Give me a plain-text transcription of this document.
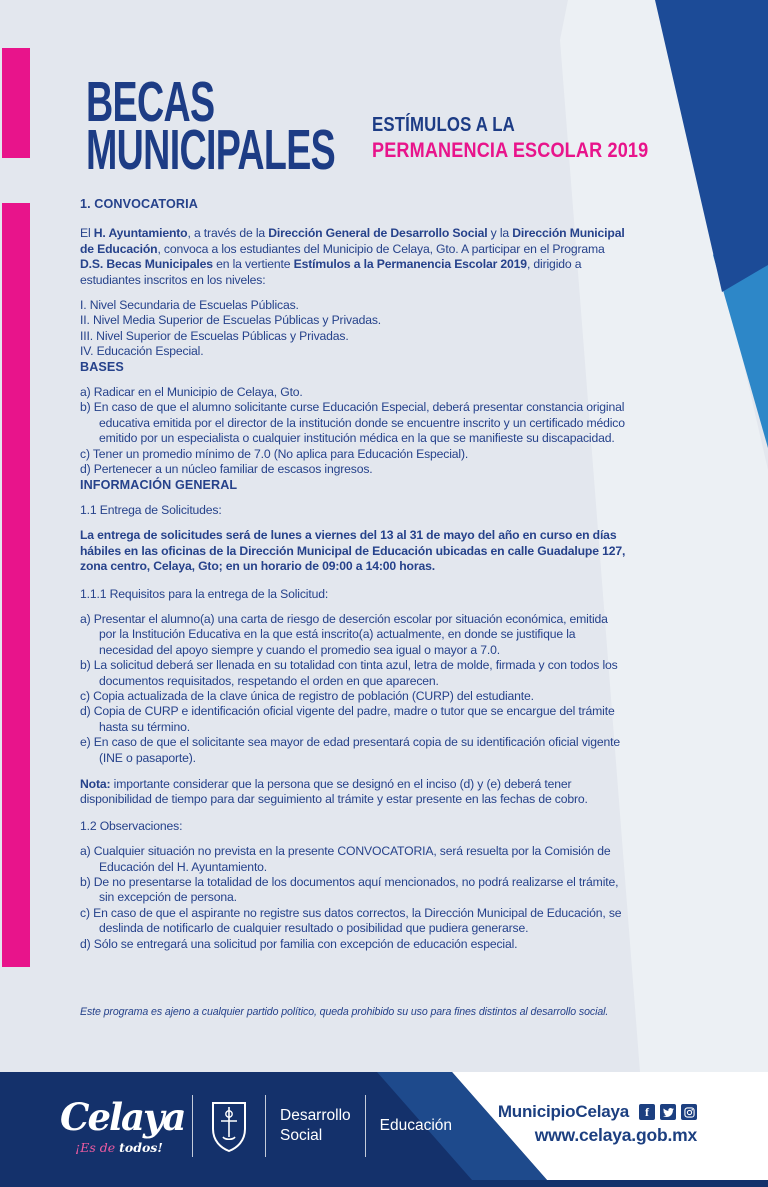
BECAS
MUNICIPALES ESTÍMULOS A LA
PERMANENCIA ESCOLAR 2019
1. CONVOCATORIA

El H. Ayuntamiento, a través de la Dirección General de Desarrollo Social y la Dirección Municipal de Educación, convoca a los estudiantes del Municipio de Celaya, Gto. A participar en el Programa D.S. Becas Municipales en la vertiente Estímulos a la Permanencia Escolar 2019, dirigido a estudiantes inscritos en los niveles:

I. Nivel Secundaria de Escuelas Públicas.
II. Nivel Media Superior de Escuelas Públicas y Privadas.
III. Nivel Superior de Escuelas Públicas y Privadas.
IV. Educación Especial.
BASES
a) Radicar en el Municipio de Celaya, Gto.
b) En caso de que el alumno solicitante curse Educación Especial, deberá presentar constancia original educativa emitida por el director de la institución donde se encuentre inscrito y un certificado médico emitido por un especialista o cualquier institución médica en la que se manifieste su discapacidad.
c) Tener un promedio mínimo de 7.0 (No aplica para Educación Especial).
d) Pertenecer a un núcleo familiar de escasos ingresos.
INFORMACIÓN GENERAL

1.1 Entrega de Solicitudes:

La entrega de solicitudes será de lunes a viernes del 13 al 31 de mayo del año en curso en días hábiles en las oficinas de la Dirección Municipal de Educación ubicadas en calle Guadalupe 127, zona centro, Celaya, Gto; en un horario de 09:00 a 14:00 horas.

1.1.1 Requisitos para la entrega de la Solicitud:

a) Presentar el alumno(a) una carta de riesgo de deserción escolar por situación económica, emitida por la Institución Educativa en la que está inscrito(a) actualmente, en donde se justifique la necesidad del apoyo siempre y cuando el promedio sea igual o mayor a 7.0.
b) La solicitud deberá ser llenada en su totalidad con tinta azul, letra de molde, firmada y con todos los documentos requisitados, respetando el orden en que aparecen.
c) Copia actualizada de la clave única de registro de población (CURP) del estudiante.
d) Copia de CURP e identificación oficial vigente del padre, madre o tutor que se encargue del trámite hasta su término.
e) En caso de que el solicitante sea mayor de edad presentará copia de su identificación oficial vigente (INE o pasaporte).

Nota: importante considerar que la persona que se designó en el inciso (d) y (e) deberá tener disponibilidad de tiempo para dar seguimiento al trámite y estar presente en las fechas de cobro.

1.2 Observaciones:

a) Cualquier situación no prevista en la presente CONVOCATORIA, será resuelta por la Comisión de Educación del H. Ayuntamiento.
b) De no presentarse la totalidad de los documentos aquí mencionados, no podrá realizarse el trámite, sin excepción de persona.
c) En caso de que el aspirante no registre sus datos correctos, la Dirección Municipal de Educación, se deslinda de notificarlo de cualquier resultado o posibilidad que pudiera generarse.
d) Sólo se entregará una solicitud por familia con excepción de educación especial.

Este programa es ajeno a cualquier partido político, queda prohibido su uso para fines distintos al desarrollo social.

Celaya
¡Es de todos!
Desarrollo
Social
Educación
MunicipioCelaya f
www.celaya.gob.mx
